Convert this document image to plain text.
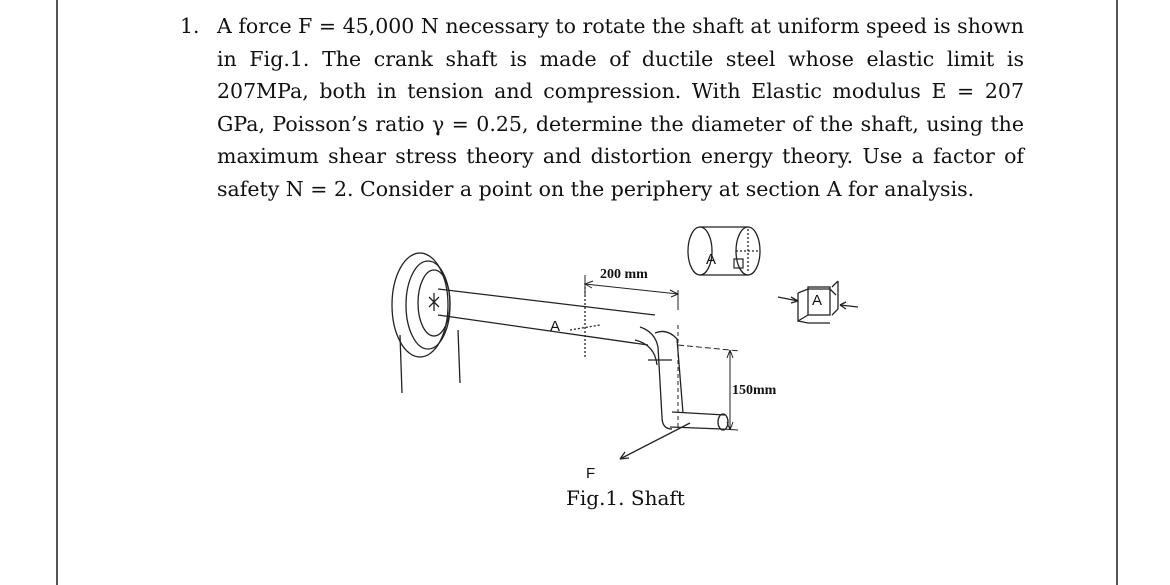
1. A force F = 45,000 N necessary to rotate the shaft at uniform speed is shown in Fig.1. The crank shaft is made of ductile steel whose elastic limit is 207MPa, both in tension and compression. With Elastic modulus E = 207 GPa, Poisson’s ratio γ = 0.25, determine the diameter of the shaft, using the maximum shear stress theory and distortion energy theory. Use a factor of safety N = 2. Consider a point on the periphery at section A for analysis.
200 mm
150mm
A
A
A
F
Fig.1. Shaft
